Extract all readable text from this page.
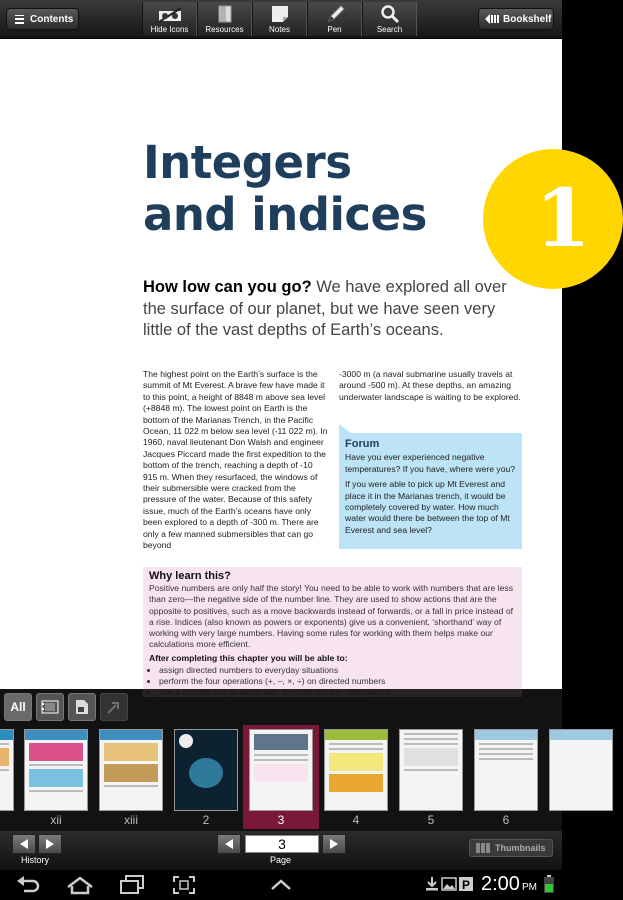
Contents
Hide Icons Resources	Notes	Pen	Search
Bookshelf
Integers
and indices 1
How low can you go? We have explored all over the surface of our planet, but we have seen very little of the vast depths of Earth’s oceans.
The highest point on the Earth’s surface is the summit of Mt Everest. A brave few have made it to this point, a height of 8848 m above sea level (+8848 m). The lowest point on Earth is the bottom of the Marianas Trench, in the Pacific Ocean, 11 022 m below sea level (-11 022 m). In 1960, naval lieutenant Don Walsh and engineer Jacques Piccard made the first expedition to the bottom of the trench, reaching a depth of -10 915 m. When they resurfaced, the windows of their submersible were cracked from the pressure of the water. Because of this safety issue, much of the Earth’s oceans have only been explored to a depth of -300 m. There are only a few manned submersibles that can go beyond
-3000 m (a naval submarine usually travels at around -500 m). At these depths, an amazing underwater landscape is waiting to be explored.
Forum

Have you ever experienced negative temperatures? If you have, where were you?

If you were able to pick up Mt Everest and place it in the Marianas trench, it would be completely covered by water. How much water would there be between the top of Mt Everest and sea level?

Why learn this?

Positive numbers are only half the story! You need to be able to work with numbers that are less than zero—the negative side of the number line. They are used to show actions that are the opposite to positives, such as a move backwards instead of forwards, or a fall in price instead of a rise. Indices (also known as powers or exponents) give us a convenient, ‘shorthand’ way of working with very large numbers. Having some rules for working with them helps make our calculations more efficient.

After completing this chapter you will be able to:

• assign directed numbers to everyday situations
• perform the four operations (+, –, ×, ÷) on directed numbers
•
•
•
All
xii	xiii	2	3	4	5	6
History
3
Page
Thumbnails
P 2:00 PM
